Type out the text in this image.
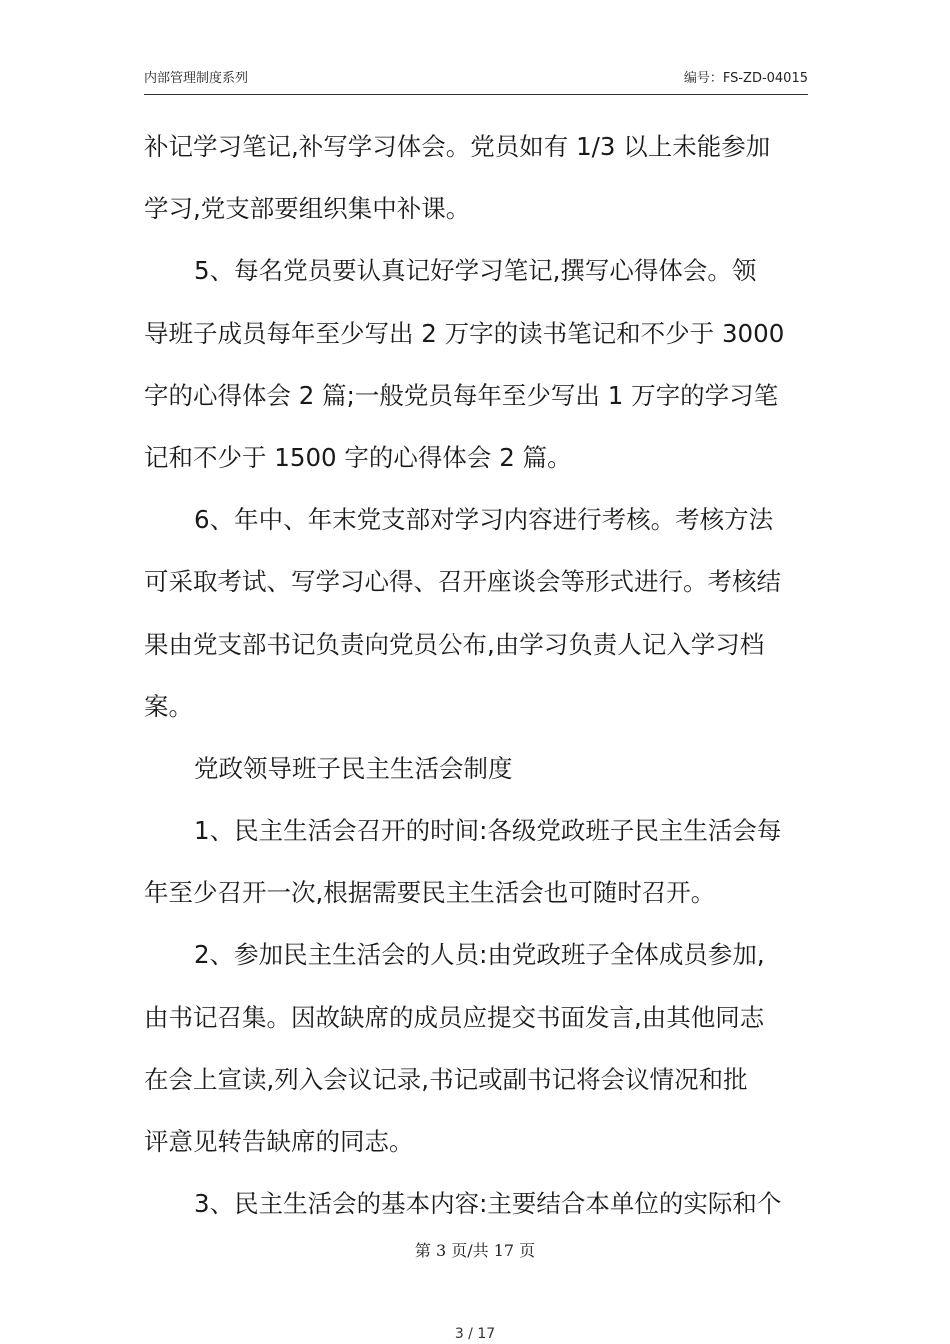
内部管理制度系列	编号：FS-ZD-04015
补记学习笔记,补写学习体会。党员如有 1/3 以上未能参加
学习,党支部要组织集中补课。
5、每名党员要认真记好学习笔记,撰写心得体会。领
导班子成员每年至少写出 2 万字的读书笔记和不少于 3000
字的心得体会 2 篇;一般党员每年至少写出 1 万字的学习笔
记和不少于 1500 字的心得体会 2 篇。
6、年中、年末党支部对学习内容进行考核。考核方法
可采取考试、写学习心得、召开座谈会等形式进行。考核结
果由党支部书记负责向党员公布,由学习负责人记入学习档
案。
党政领导班子民主生活会制度
1、民主生活会召开的时间:各级党政班子民主生活会每
年至少召开一次,根据需要民主生活会也可随时召开。
2、参加民主生活会的人员:由党政班子全体成员参加,
由书记召集。因故缺席的成员应提交书面发言,由其他同志
在会上宣读,列入会议记录,书记或副书记将会议情况和批
评意见转告缺席的同志。
3、民主生活会的基本内容:主要结合本单位的实际和个
第 3 页/共 17 页
3 / 17
